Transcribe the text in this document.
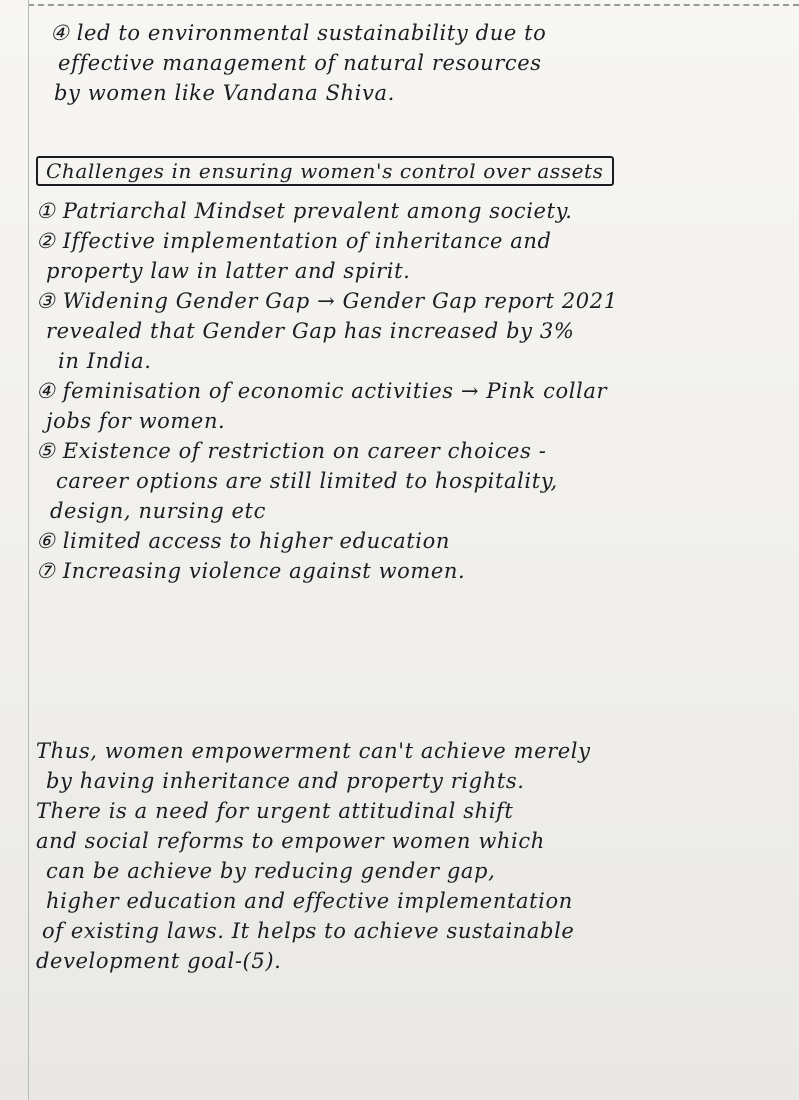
④ led to environmental sustainability due to
effective management of natural resources
by women like Vandana Shiva.
Challenges in ensuring women's control over assets
① Patriarchal Mindset prevalent among society.
② Iffective implementation of inheritance and
property law in latter and spirit.
③ Widening Gender Gap → Gender Gap report 2021
revealed that Gender Gap has increased by 3%
in India.
④ feminisation of economic activities → Pink collar
jobs for women.
⑤ Existence of restriction on career choices -
career options are still limited to hospitality,
design, nursing etc
⑥ limited access to higher education
⑦ Increasing violence against women.
Thus, women empowerment can't achieve merely
by having inheritance and property rights.
There is a need for urgent attitudinal shift
and social reforms to empower women which
can be achieve by reducing gender gap,
higher education and effective implementation
of existing laws. It helps to achieve sustainable
development goal-(5).
